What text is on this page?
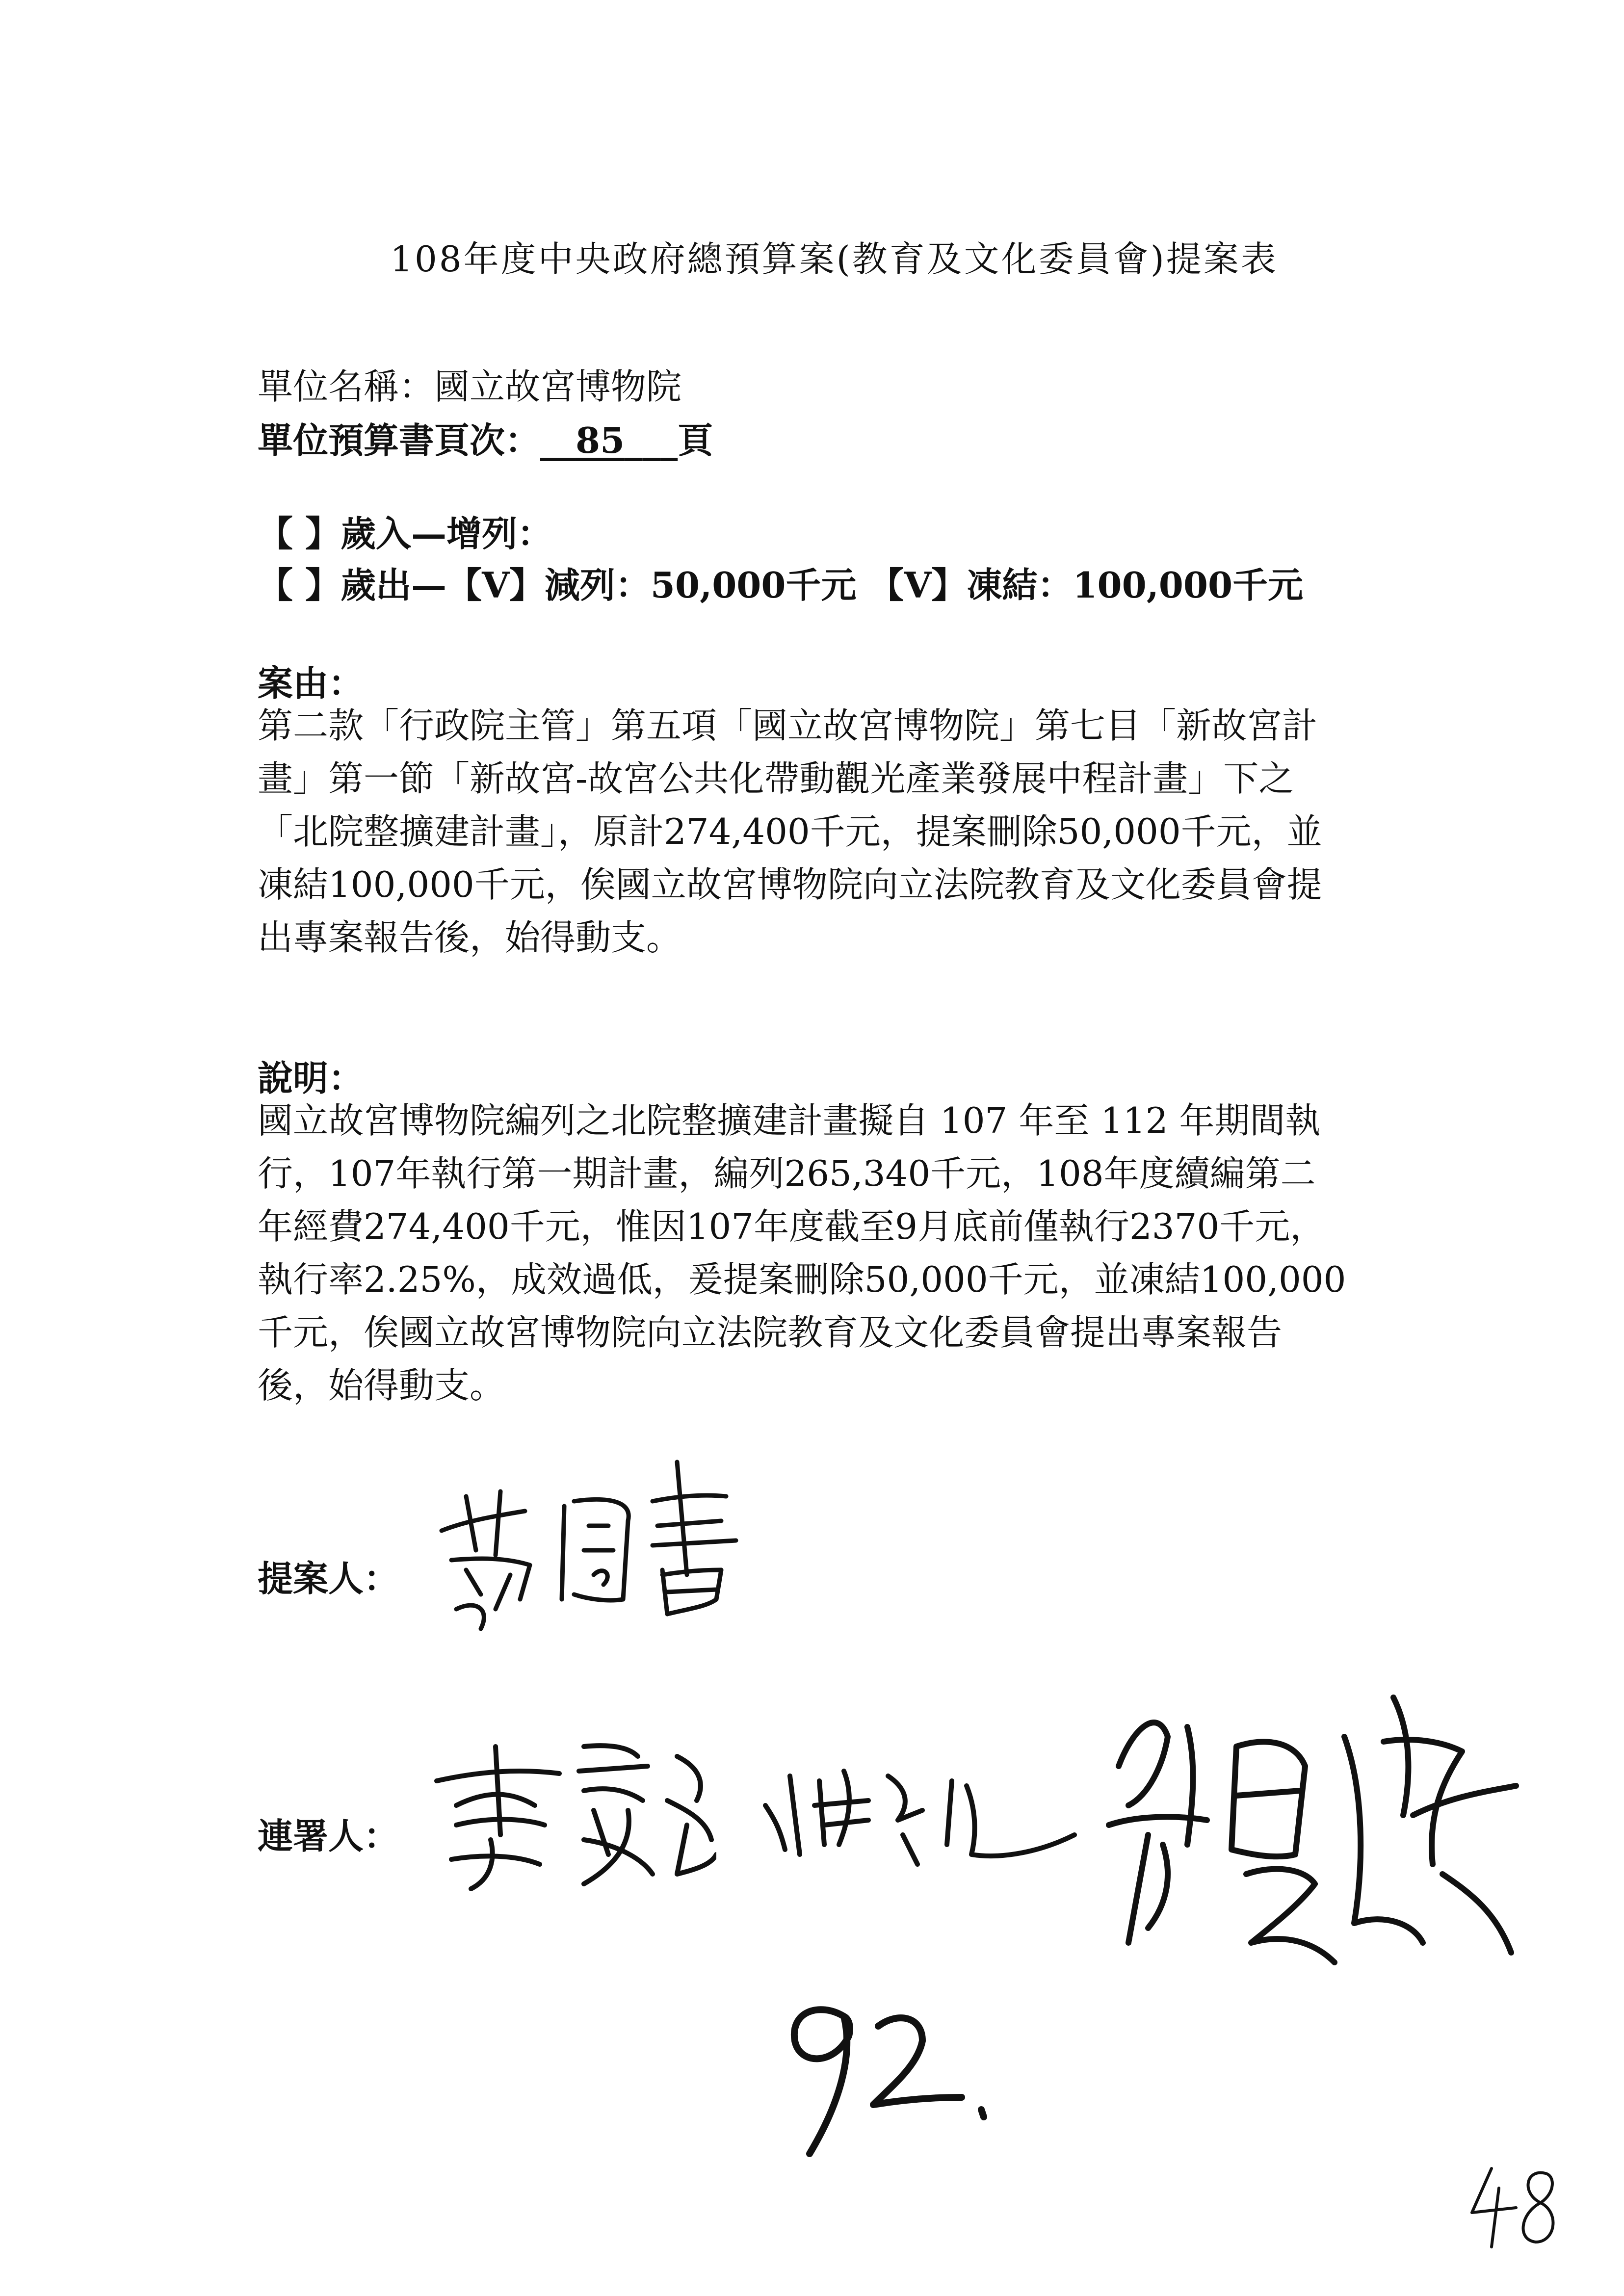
108年度中央政府總預算案(教育及文化委員會)提案表
單位名稱：國立故宮博物院
單位預算書頁次：__85___頁
【 】歲入—增列：
【 】歲出—【V】減列：50,000千元 【V】凍結：100,000千元
案由：

第二款「行政院主管」第五項「國立故宮博物院」第七目「新故宮計

畫」第一節「新故宮-故宮公共化帶動觀光產業發展中程計畫」下之

「北院整擴建計畫」，原計274,400千元，提案刪除50,000千元，並

凍結100,000千元，俟國立故宮博物院向立法院教育及文化委員會提

出專案報告後，始得動支。

說明：

國立故宮博物院編列之北院整擴建計畫擬自 107 年至 112 年期間執

行，107年執行第一期計畫，編列265,340千元，108年度續編第二

年經費274,400千元，惟因107年度截至9月底前僅執行2370千元，

執行率2.25%，成效過低，爰提案刪除50,000千元，並凍結100,000

千元，俟國立故宮博物院向立法院教育及文化委員會提出專案報告

後，始得動支。

提案人：
連署人：
